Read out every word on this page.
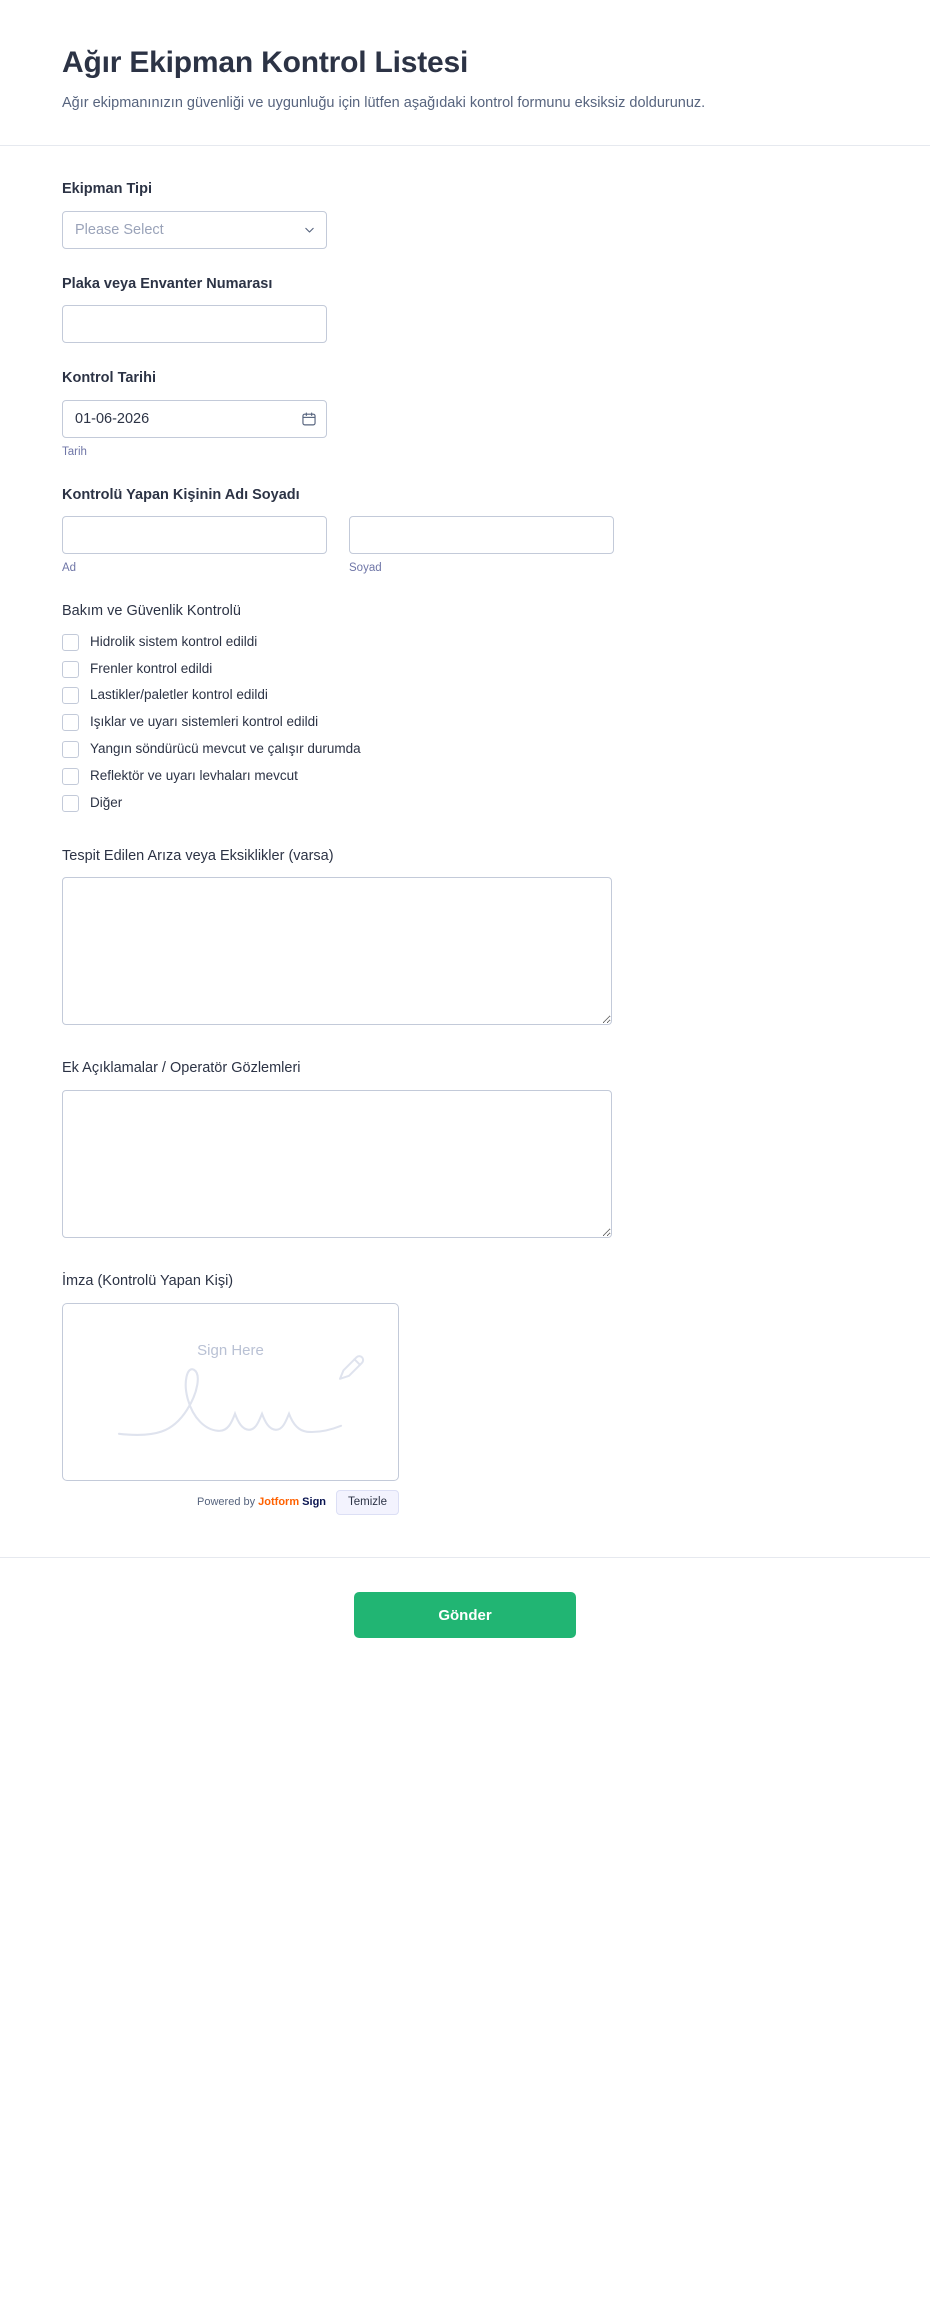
Ağır Ekipman Kontrol Listesi

Ağır ekipmanınızın güvenliği ve uygunluğu için lütfen aşağıdaki kontrol formunu eksiksiz doldurunuz.

Ekipman Tipi
Please Select
Plaka veya Envanter Numarası
Kontrol Tarihi
01-06-2026
Tarih
Kontrolü Yapan Kişinin Adı Soyadı
Ad	Soyad
Bakım ve Güvenlik Kontrolü
Hidrolik sistem kontrol edildi
Frenler kontrol edildi
Lastikler/paletler kontrol edildi
Işıklar ve uyarı sistemleri kontrol edildi
Yangın söndürücü mevcut ve çalışır durumda
Reflektör ve uyarı levhaları mevcut
Diğer
Tespit Edilen Arıza veya Eksiklikler (varsa)
Ek Açıklamalar / Operatör Gözlemleri
İmza (Kontrolü Yapan Kişi)
Sign Here
Powered by Jotform Sign	Temizle
Gönder
